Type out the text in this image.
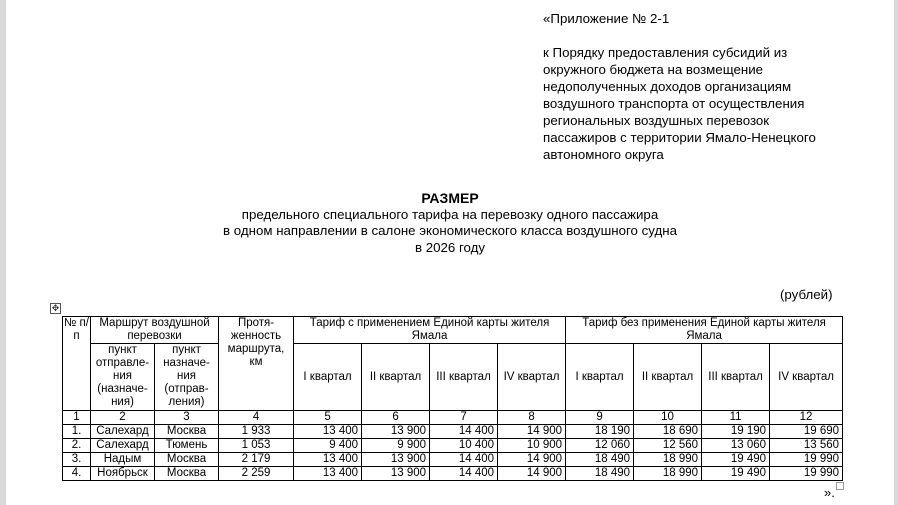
«Приложение № 2-1
к Порядку предоставления субсидий из
окружного бюджета на возмещение
недополученных доходов организациям
воздушного транспорта от осуществления
региональных воздушных перевозок
пассажиров с территории Ямало-Ненецкого
автономного округа
РАЗМЕР
предельного специального тарифа на перевозку одного пассажира
в одном направлении в салоне экономического класса воздушного судна
в 2026 году
(рублей)
✥
№ п/п	Маршрут воздушной перевозки		Протя-женность маршрута, км	Тариф с применением Единой карты жителя Ямала				Тариф без применения Единой карты жителя Ямала			
	пункт отправле-ния (назначе-ния)	пункт назначе-ния (отправ-ления)		I квартал	II квартал	III квартал	IV квартал	I квартал	II квартал	III квартал	IV квартал

1	2	3	4	5	6	7	8	9	10	11	12
1.	Салехард	Москва	1 933	13 400	13 900	14 400	14 900	18 190	18 690	19 190	19 690
2.	Салехард	Тюмень	1 053	9 400	9 900	10 400	10 900	12 060	12 560	13 060	13 560
3.	Надым	Москва	2 179	13 400	13 900	14 400	14 900	18 490	18 990	19 490	19 990
4.	Ноябрьск	Москва	2 259	13 400	13 900	14 400	14 900	18 490	18 990	19 490	19 990
».
